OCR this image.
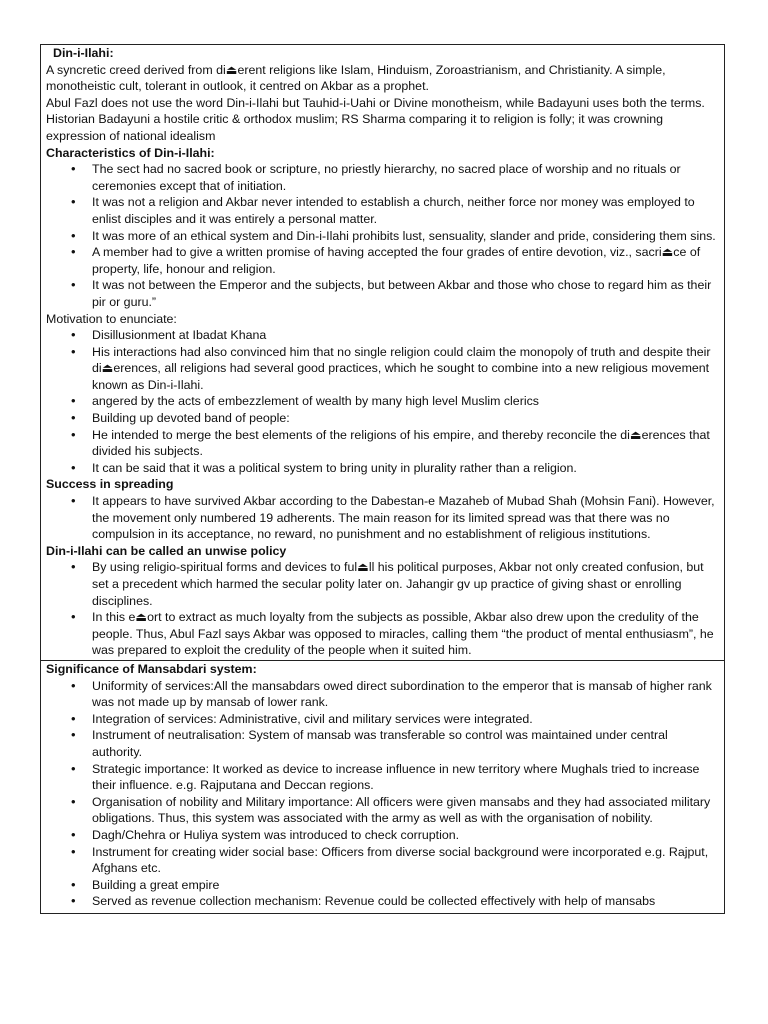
Din-i-Ilahi:

A syncretic creed derived from di⏏erent religions like Islam, Hinduism, Zoroastrianism, and Christianity. A simple, monotheistic cult, tolerant in outlook, it centred on Akbar as a prophet.

Abul Fazl does not use the word Din-i-Ilahi but Tauhid-i-Uahi or Divine monotheism, while Badayuni uses both the terms.

Historian Badayuni a hostile critic & orthodox muslim; RS Sharma comparing it to religion is folly; it was crowning expression of national idealism

Characteristics of Din-i-Ilahi:

• The sect had no sacred book or scripture, no priestly hierarchy, no sacred place of worship and no rituals or ceremonies except that of initiation.
• It was not a religion and Akbar never intended to establish a church, neither force nor money was employed to enlist disciples and it was entirely a personal matter.
• It was more of an ethical system and Din-i-Ilahi prohibits lust, sensuality, slander and pride, considering them sins.
• A member had to give a written promise of having accepted the four grades of entire devotion, viz., sacri⏏ce of property, life, honour and religion.
• It was not between the Emperor and the subjects, but between Akbar and those who chose to regard him as their pir or guru.”

Motivation to enunciate:

• Disillusionment at Ibadat Khana
• His interactions had also convinced him that no single religion could claim the monopoly of truth and despite their di⏏erences, all religions had several good practices, which he sought to combine into a new religious movement known as Din-i-Ilahi.
• angered by the acts of embezzlement of wealth by many high level Muslim clerics
• Building up devoted band of people:
• He intended to merge the best elements of the religions of his empire, and thereby reconcile the di⏏erences that divided his subjects.
• It can be said that it was a political system to bring unity in plurality rather than a religion.

Success in spreading

• It appears to have survived Akbar according to the Dabestan-e Mazaheb of Mubad Shah (Mohsin Fani). However, the movement only numbered 19 adherents. The main reason for its limited spread was that there was no compulsion in its acceptance, no reward, no punishment and no establishment of religious institutions.

Din-i-Ilahi can be called an unwise policy

• By using religio-spiritual forms and devices to ful⏏ll his political purposes, Akbar not only created confusion, but set a precedent which harmed the secular polity later on. Jahangir gv up practice of giving shast or enrolling disciplines.
• In this e⏏ort to extract as much loyalty from the subjects as possible, Akbar also drew upon the credulity of the people. Thus, Abul Fazl says Akbar was opposed to miracles, calling them “the product of mental enthusiasm”, he was prepared to exploit the credulity of the people when it suited him.

Significance of Mansabdari system:

• Uniformity of services:All the mansabdars owed direct subordination to the emperor that is mansab of higher rank was not made up by mansab of lower rank.
• Integration of services: Administrative, civil and military services were integrated.
• Instrument of neutralisation: System of mansab was transferable so control was maintained under central authority.
• Strategic importance: It worked as device to increase influence in new territory where Mughals tried to increase their influence. e.g. Rajputana and Deccan regions.
• Organisation of nobility and Military importance: All officers were given mansabs and they had associated military obligations. Thus, this system was associated with the army as well as with the organisation of nobility.
• Dagh/Chehra or Huliya system was introduced to check corruption.
• Instrument for creating wider social base: Officers from diverse social background were incorporated e.g. Rajput, Afghans etc.
• Building a great empire
• Served as revenue collection mechanism: Revenue could be collected effectively with help of mansabs
